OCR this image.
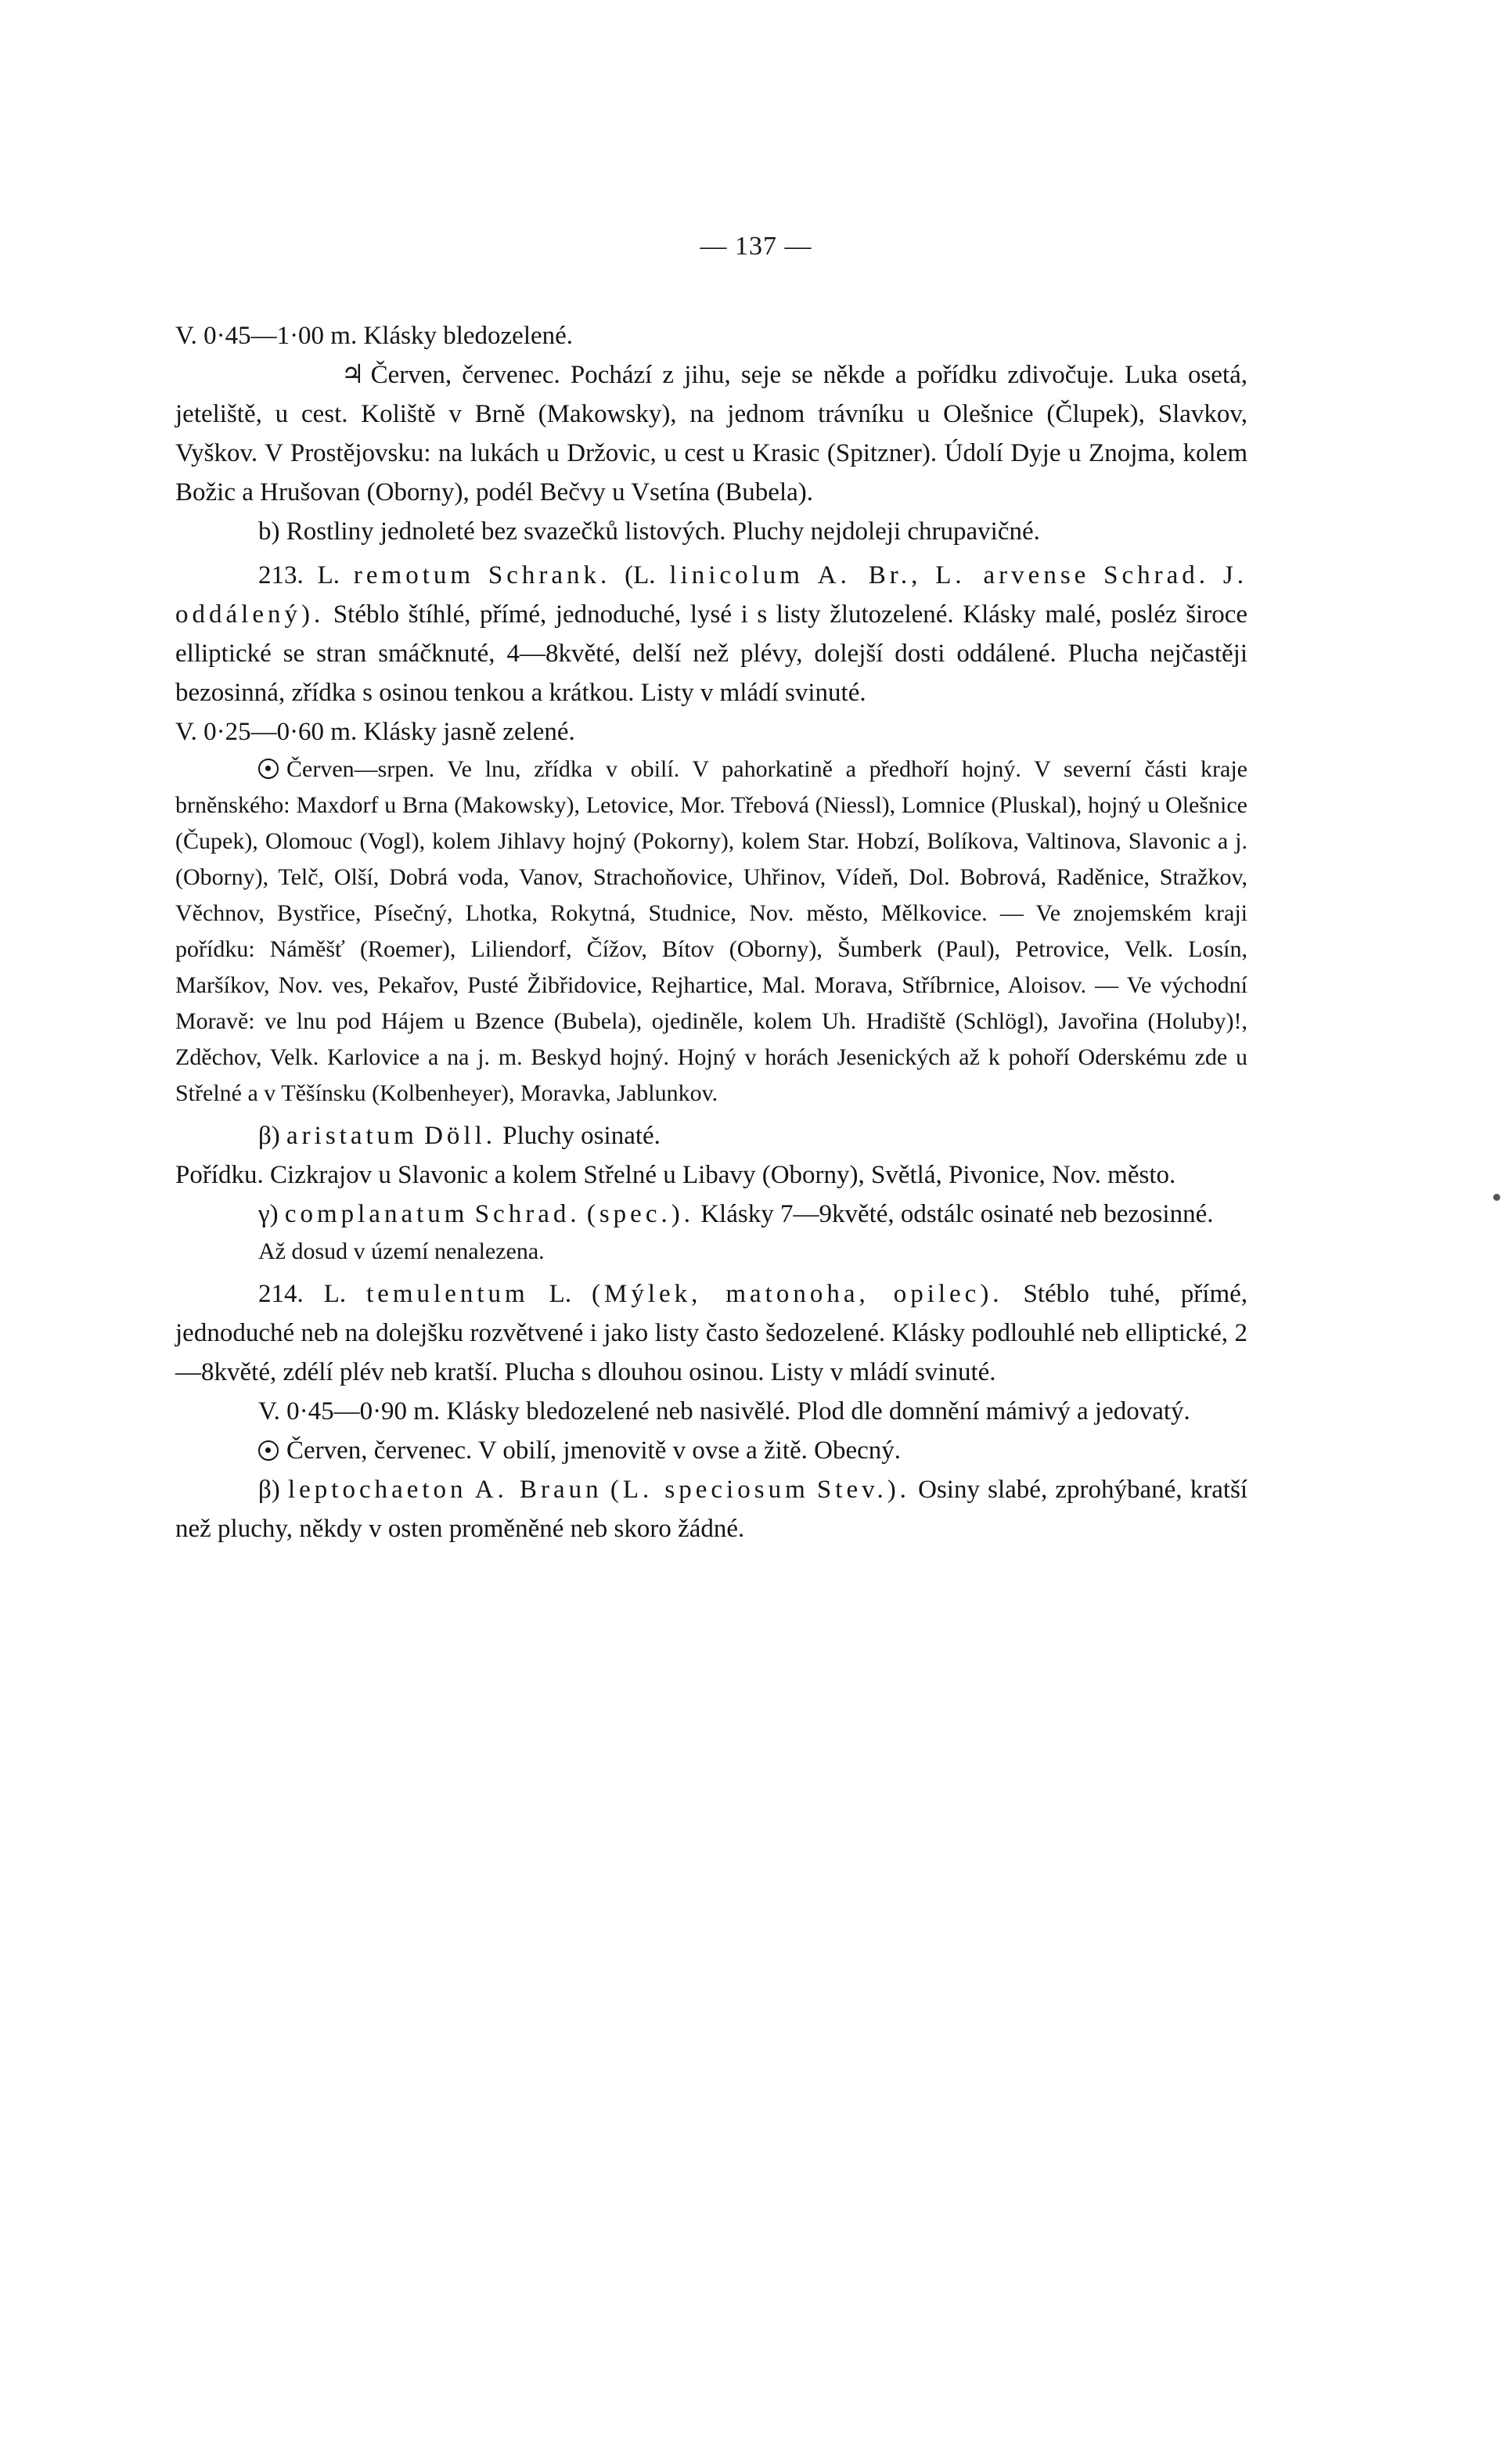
— 137 —

V. 0·45—1·00 m. Klásky bledozelené.

♃ Červen, červenec. Pochází z jihu, seje se někde a pořídku zdivočuje. Luka osetá, jeteliště, u cest. Koliště v Brně (Makowsky), na jednom trávníku u Olešnice (Člupek), Slavkov, Vyškov. V Prostějovsku: na lukách u Držovic, u cest u Krasic (Spitzner). Údolí Dyje u Znojma, kolem Božic a Hrušovan (Oborny), podél Bečvy u Vsetína (Bubela).

b) Rostliny jednoleté bez svazečků listových. Pluchy nejdoleji chrupavičné.

213. L. remotum Schrank. (L. linicolum A. Br., L. arvense Schrad. J. oddálený). Stéblo štíhlé, přímé, jednoduché, lysé i s listy žlutozelené. Klásky malé, posléz široce elliptické se stran smáčknuté, 4—8květé, delší než plévy, dolejší dosti oddálené. Plucha nejčastěji bezosinná, zřídka s osinou tenkou a krátkou. Listy v mládí svinuté.

V. 0·25—0·60 m. Klásky jasně zelené.

Červen—srpen. Ve lnu, zřídka v obilí. V pahorkatině a předhoří hojný. V severní části kraje brněnského: Maxdorf u Brna (Makowsky), Letovice, Mor. Třebová (Niessl), Lomnice (Pluskal), hojný u Olešnice (Čupek), Olomouc (Vogl), kolem Jihlavy hojný (Pokorny), kolem Star. Hobzí, Bolíkova, Valtinova, Slavonic a j. (Oborny), Telč, Olší, Dobrá voda, Vanov, Strachoňovice, Uhřinov, Vídeň, Dol. Bobrová, Raděnice, Stražkov, Věchnov, Bystřice, Písečný, Lhotka, Rokytná, Studnice, Nov. město, Mělkovice. — Ve znojemském kraji pořídku: Náměšť (Roemer), Liliendorf, Čížov, Bítov (Oborny), Šumberk (Paul), Petrovice, Velk. Losín, Maršíkov, Nov. ves, Pekařov, Pusté Žibřidovice, Rejhartice, Mal. Morava, Stříbrnice, Aloisov. — Ve východní Moravě: ve lnu pod Hájem u Bzence (Bubela), ojediněle, kolem Uh. Hradiště (Schlögl), Javořina (Holuby)!, Zděchov, Velk. Karlovice a na j. m. Beskyd hojný. Hojný v horách Jesenických až k pohoří Oderskému zde u Střelné a v Těšínsku (Kolbenheyer), Moravka, Jablunkov.

β) aristatum Döll. Pluchy osinaté.

Pořídku. Cizkrajov u Slavonic a kolem Střelné u Libavy (Oborny), Světlá, Pivonice, Nov. město.

γ) complanatum Schrad. (spec.). Klásky 7—9květé, odstálc osinaté neb bezosinné.

Až dosud v území nenalezena.

214. L. temulentum L. (Mýlek, matonoha, opilec). Stéblo tuhé, přímé, jednoduché neb na dolejšku rozvětvené i jako listy často šedozelené. Klásky podlouhlé neb elliptické, 2—8květé, zdélí plév neb kratší. Plucha s dlouhou osinou. Listy v mládí svinuté.

V. 0·45—0·90 m. Klásky bledozelené neb nasivělé. Plod dle domnění mámivý a jedovatý.

Červen, červenec. V obilí, jmenovitě v ovse a žitě. Obecný.

β) leptochaeton A. Braun (L. speciosum Stev.). Osiny slabé, zprohýbané, kratší než pluchy, někdy v osten proměněné neb skoro žádné.
